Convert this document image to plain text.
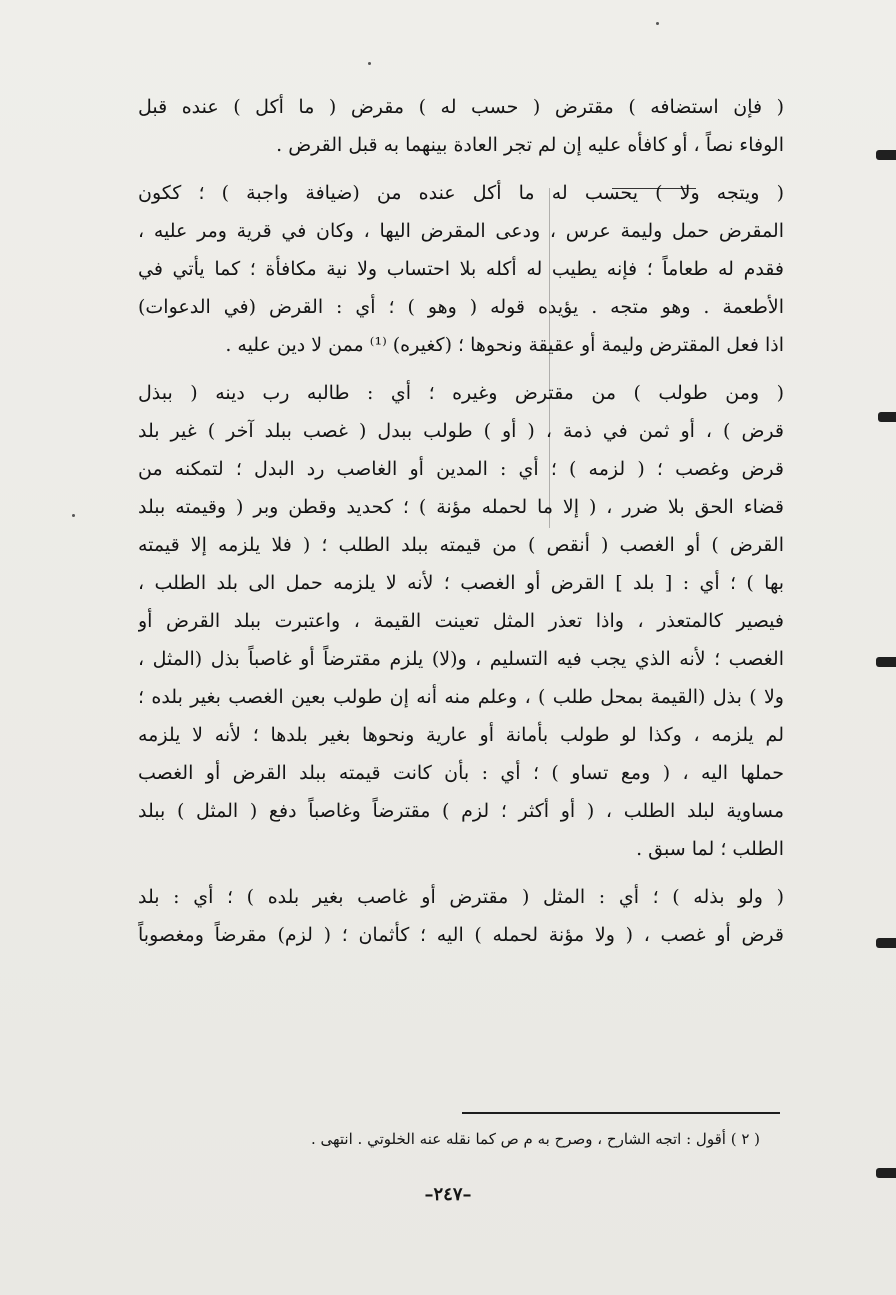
( فإن استضافه ) مقترض ( حسب له ) مقرض ( ما أكل ) عنده قبل
الوفاء نصاً ، أو كافأه عليه إن لم تجر العادة بينهما به قبل القرض .
( ويتجه ولا ) يحسب له ما أكل عنده من (ضيافة واجبة ) ؛ ككون
المقرض حمل وليمة عرس ، ودعى المقرض اليها ، وكان في قرية ومر عليه ،
فقدم له طعاماً ؛ فإنه يطيب له أكله بلا احتساب ولا نية مكافأة ؛ كما يأتي في
الأطعمة . وهو متجه . يؤيده قوله ( وهو ) ؛ أي : القرض (في الدعوات)
اذا فعل المقترض وليمة أو عقيقة ونحوها ؛ (كغيره) ⁽¹⁾ ممن لا دين عليه .
( ومن طولب ) من مقترض وغيره ؛ أي : طالبه رب دينه ( ببذل
قرض ) ، أو ثمن في ذمة ، ( أو ) طولب ببدل ( غصب ببلد آخر ) غير بلد
قرض وغصب ؛ ( لزمه ) ؛ أي : المدين أو الغاصب رد البدل ؛ لتمكنه من
قضاء الحق بلا ضرر ، ( إلا ما لحمله مؤنة ) ؛ كحديد وقطن وبر ( وقيمته ببلد
القرض ) أو الغصب ( أنقص ) من قيمته ببلد الطلب ؛ ( فلا يلزمه إلا قيمته
بها ) ؛ أي : [ بلد ] القرض أو الغصب ؛ لأنه لا يلزمه حمل الى بلد الطلب ،
فيصير كالمتعذر ، واذا تعذر المثل تعينت القيمة ، واعتبرت ببلد القرض أو
الغصب ؛ لأنه الذي يجب فيه التسليم ، و(لا) يلزم مقترضاً أو غاصباً بذل (المثل ،
ولا ) بذل (القيمة بمحل طلب ) ، وعلم منه أنه إن طولب بعين الغصب بغير بلده ؛
لم يلزمه ، وكذا لو طولب بأمانة أو عارية ونحوها بغير بلدها ؛ لأنه لا يلزمه
حملها اليه ، ( ومع تساو ) ؛ أي : بأن كانت قيمته ببلد القرض أو الغصب
مساوية لبلد الطلب ، ( أو أكثر ؛ لزم ) مقترضاً وغاصباً دفع ( المثل ) ببلد
الطلب ؛ لما سبق .
( ولو بذله ) ؛ أي : المثل ( مقترض أو غاصب بغير بلده ) ؛ أي : بلد
قرض أو غصب ، ( ولا مؤنة لحمله ) اليه ؛ كأثمان ؛ ( لزم) مقرضاً ومغصوباً
( ٢ ) أقول : اتجه الشارح ، وصرح به م ص كما نقله عنه الخلوتي . انتهى .
–٢٤٧–
